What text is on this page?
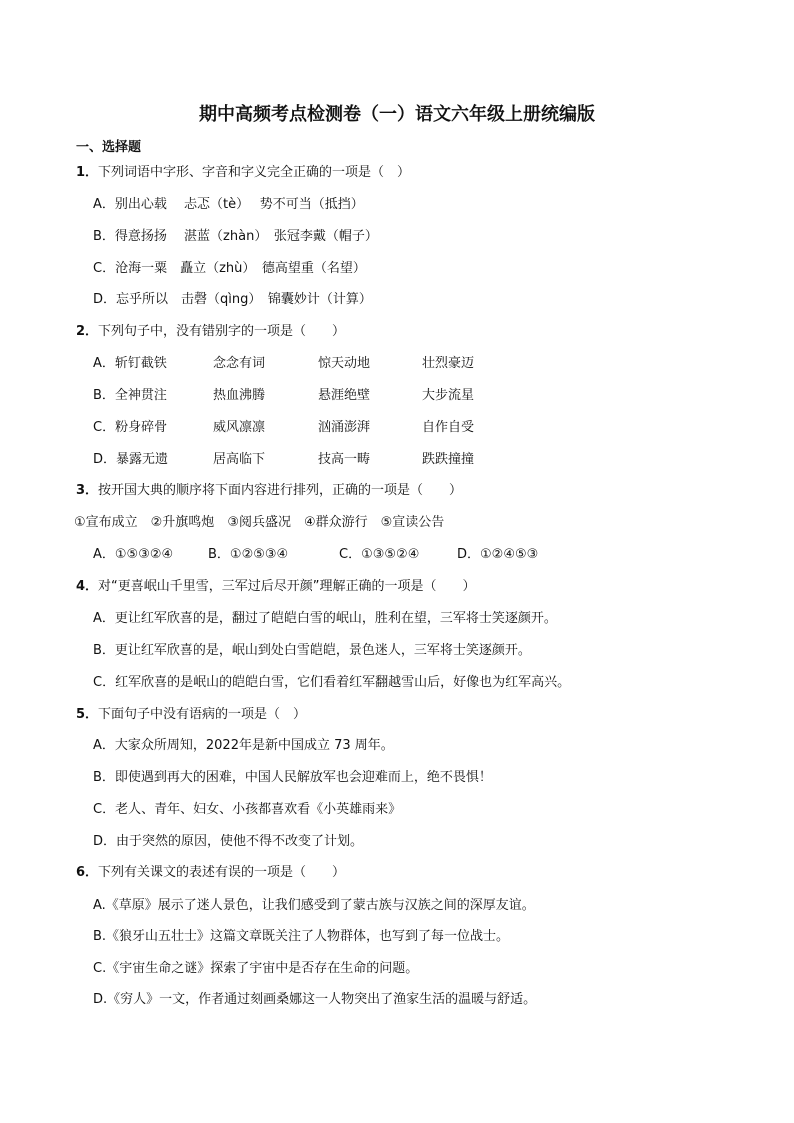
期中高频考点检测卷（一）语文六年级上册统编版
一、选择题
1．下列词语中字形、字音和字义完全正确的一项是（　）
A．别出心载　 忐忑（tè）　 势不可当（抵挡）
B．得意扬扬　 湛蓝（zhàn）　张冠李戴（帽子）
C．沧海一粟　矗立（zhù）　德高望重（名望）
D．忘乎所以　击磬（qìng）　锦囊妙计（计算）
2．下列句子中，没有错别字的一项是（　　）
A．斩钉截铁	念念有词	惊天动地	壮烈豪迈
B．全神贯注	热血沸腾	悬涯绝壁	大步流星
C．粉身碎骨	威风凛凛	汹涌澎湃	自作自受
D．暴露无遗	居高临下	技高一畴	跌跌撞撞
3．按开国大典的顺序将下面内容进行排列，正确的一项是（　　）
①宣布成立 ②升旗鸣炮 ③阅兵盛况 ④群众游行 ⑤宣读公告
A．①⑤③②④	B．①②⑤③④	C．①③⑤②④	D．①②④⑤③
4．对“更喜岷山千里雪，三军过后尽开颜”理解正确的一项是（　　）
A．更让红军欣喜的是，翻过了皑皑白雪的岷山，胜利在望，三军将士笑逐颜开。
B．更让红军欣喜的是，岷山到处白雪皑皑，景色迷人，三军将士笑逐颜开。
C．红军欣喜的是岷山的皑皑白雪，它们看着红军翻越雪山后，好像也为红军高兴。
5．下面句子中没有语病的一项是（　）
A．大家众所周知，2022年是新中国成立 73 周年。
B．即使遇到再大的困难，中国人民解放军也会迎难而上，绝不畏惧！
C．老人、青年、妇女、小孩都喜欢看《小英雄雨来》
D．由于突然的原因，使他不得不改变了计划。
6．下列有关课文的表述有误的一项是（　　）
A.《草原》展示了迷人景色，让我们感受到了蒙古族与汉族之间的深厚友谊。
B.《狼牙山五壮士》这篇文章既关注了人物群体，也写到了每一位战士。
C.《宇宙生命之谜》探索了宇宙中是否存在生命的问题。
D.《穷人》一文，作者通过刻画桑娜这一人物突出了渔家生活的温暖与舒适。
